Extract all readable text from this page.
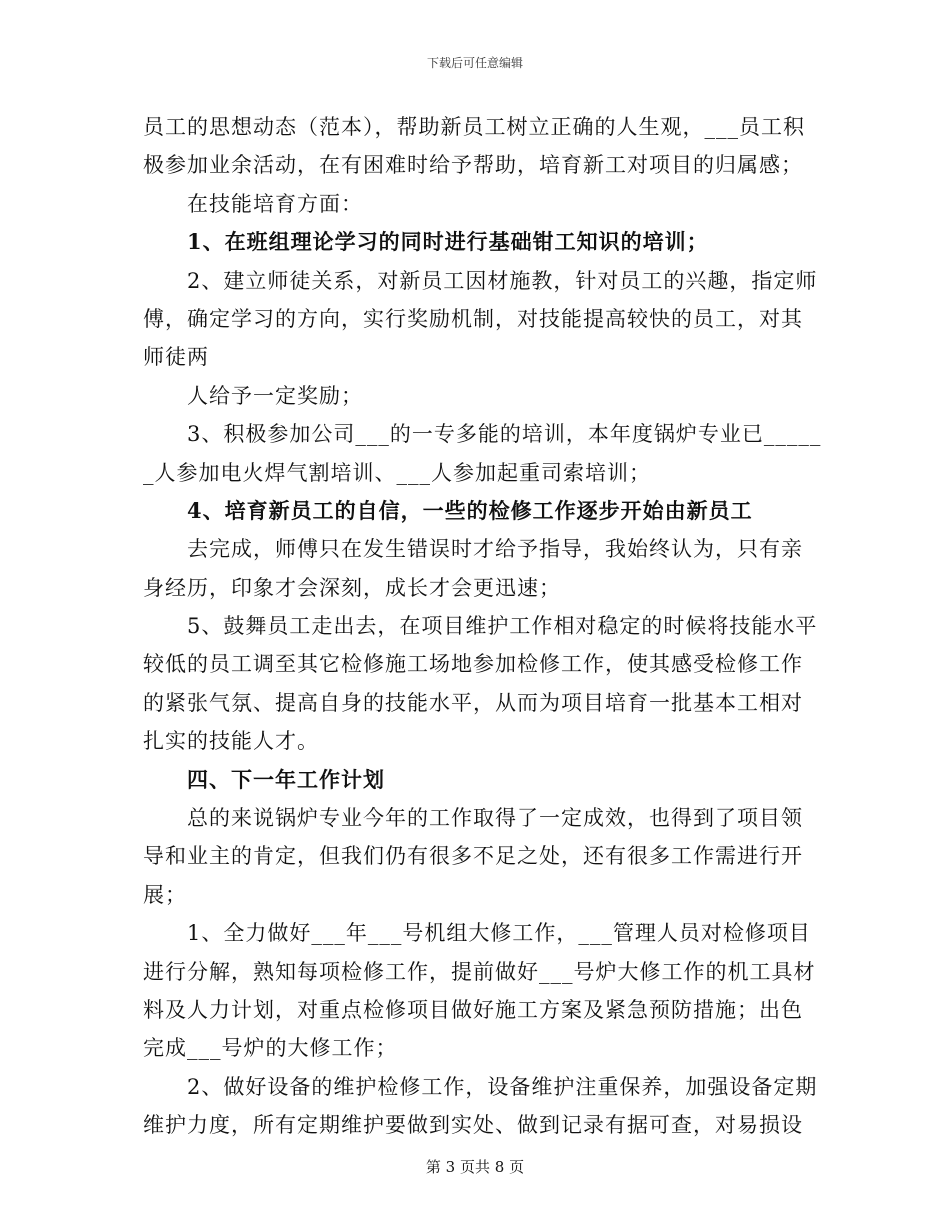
下载后可任意编辑
员工的思想动态（范本），帮助新员工树立正确的人生观，___员工积
极参加业余活动，在有困难时给予帮助，培育新工对项目的归属感；
在技能培育方面：
1、在班组理论学习的同时进行基础钳工知识的培训；
2、建立师徒关系，对新员工因材施教，针对员工的兴趣，指定师
傅，确定学习的方向，实行奖励机制，对技能提高较快的员工，对其
师徒两
人给予一定奖励；
3、积极参加公司___的一专多能的培训，本年度锅炉专业已_____
_人参加电火焊气割培训、___人参加起重司索培训；
4、培育新员工的自信，一些的检修工作逐步开始由新员工
去完成，师傅只在发生错误时才给予指导，我始终认为，只有亲
身经历，印象才会深刻，成长才会更迅速；
5、鼓舞员工走出去，在项目维护工作相对稳定的时候将技能水平
较低的员工调至其它检修施工场地参加检修工作，使其感受检修工作
的紧张气氛、提高自身的技能水平，从而为项目培育一批基本工相对
扎实的技能人才。
四、下一年工作计划
总的来说锅炉专业今年的工作取得了一定成效，也得到了项目领
导和业主的肯定，但我们仍有很多不足之处，还有很多工作需进行开
展；
1、全力做好___年___号机组大修工作，___管理人员对检修项目
进行分解，熟知每项检修工作，提前做好___号炉大修工作的机工具材
料及人力计划，对重点检修项目做好施工方案及紧急预防措施；出色
完成___号炉的大修工作；
2、做好设备的维护检修工作，设备维护注重保养，加强设备定期
维护力度，所有定期维护要做到实处、做到记录有据可查，对易损设
第 3 页共 8 页
